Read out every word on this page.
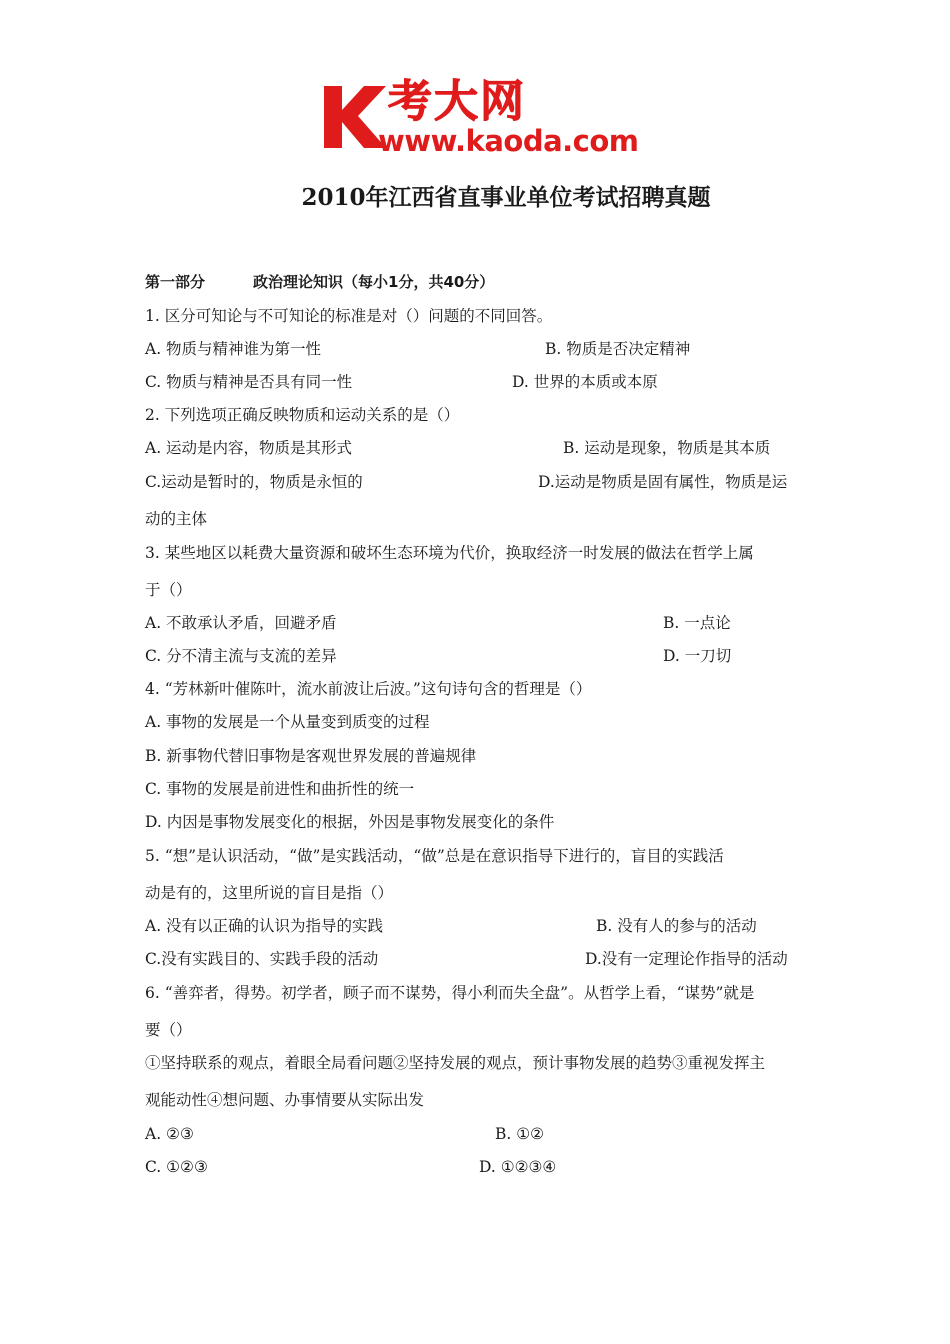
考大网
www.kaoda.com
2010年江西省直事业单位考试招聘真题
第一部分	政治理论知识（每小1分，共40分）
1. 区分可知论与不可知论的标准是对（）问题的不同回答。
A. 物质与精神谁为第一性	B. 物质是否决定精神
C. 物质与精神是否具有同一性	D. 世界的本质或本原
2. 下列选项正确反映物质和运动关系的是（）
A. 运动是内容，物质是其形式	B. 运动是现象，物质是其本质
C.运动是暂时的，物质是永恒的	D.运动是物质是固有属性，物质是运
动的主体
3. 某些地区以耗费大量资源和破坏生态环境为代价，换取经济一时发展的做法在哲学上属
于（）
A. 不敢承认矛盾，回避矛盾	B. 一点论
C. 分不清主流与支流的差异	D. 一刀切
4. “芳林新叶催陈叶，流水前波让后波。”这句诗句含的哲理是（）
A. 事物的发展是一个从量变到质变的过程
B. 新事物代替旧事物是客观世界发展的普遍规律
C. 事物的发展是前进性和曲折性的统一
D. 内因是事物发展变化的根据，外因是事物发展变化的条件
5. “想”是认识活动，“做”是实践活动，“做”总是在意识指导下进行的，盲目的实践活
动是有的，这里所说的盲目是指（）
A. 没有以正确的认识为指导的实践	B. 没有人的参与的活动
C.没有实践目的、实践手段的活动	D.没有一定理论作指导的活动
6. “善弈者，得势。初学者，顾子而不谋势，得小利而失全盘”。从哲学上看，“谋势”就是
要（）
①坚持联系的观点，着眼全局看问题②坚持发展的观点，预计事物发展的趋势③重视发挥主
观能动性④想问题、办事情要从实际出发
A. ②③	B. ①②
C. ①②③	D. ①②③④
